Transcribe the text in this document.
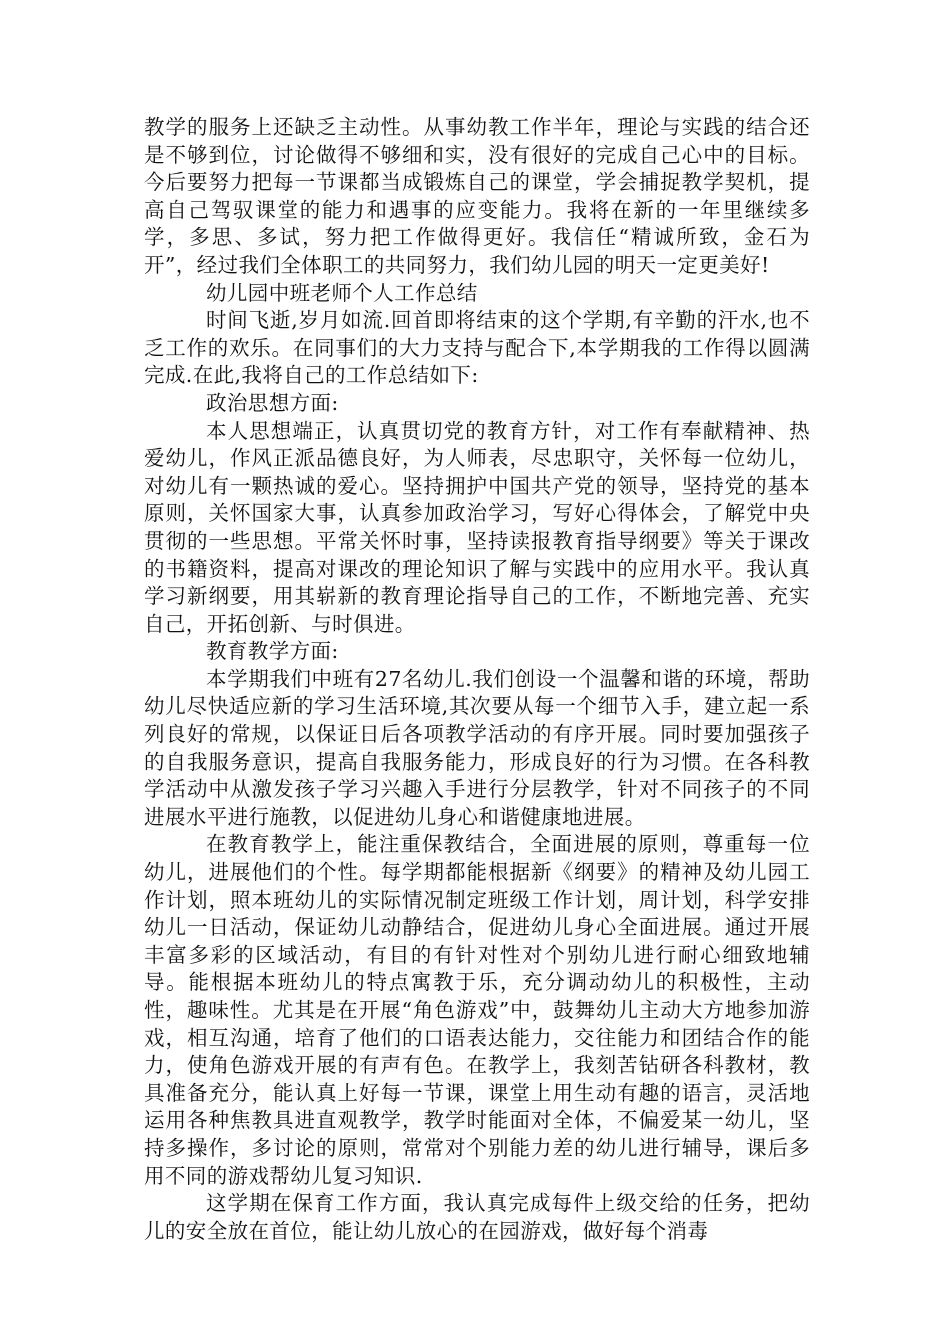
教学的服务上还缺乏主动性。从事幼教工作半年，理论与实践的结合还是不够到位，讨论做得不够细和实，没有很好的完成自己心中的目标。今后要努力把每一节课都当成锻炼自己的课堂，学会捕捉教学契机，提高自己驾驭课堂的能力和遇事的应变能力。我将在新的一年里继续多学，多思、多试，努力把工作做得更好。我信任“精诚所致，金石为开”，经过我们全体职工的共同努力，我们幼儿园的明天一定更美好!

幼儿园中班老师个人工作总结

时间飞逝,岁月如流.回首即将结束的这个学期,有辛勤的汗水,也不乏工作的欢乐。在同事们的大力支持与配合下,本学期我的工作得以圆满完成.在此,我将自己的工作总结如下:

政治思想方面:

本人思想端正，认真贯切党的教育方针，对工作有奉献精神、热爱幼儿，作风正派品德良好，为人师表，尽忠职守，关怀每一位幼儿，对幼儿有一颗热诚的爱心。坚持拥护中国共产党的领导，坚持党的基本原则，关怀国家大事，认真参加政治学习，写好心得体会，了解党中央贯彻的一些思想。平常关怀时事，坚持读报教育指导纲要》等关于课改的书籍资料，提高对课改的理论知识了解与实践中的应用水平。我认真学习新纲要，用其崭新的教育理论指导自己的工作，不断地完善、充实自己，开拓创新、与时俱进。

教育教学方面:

本学期我们中班有27名幼儿.我们创设一个温馨和谐的环境，帮助幼儿尽快适应新的学习生活环境,其次要从每一个细节入手，建立起一系列良好的常规，以保证日后各项教学活动的有序开展。同时要加强孩子的自我服务意识，提高自我服务能力，形成良好的行为习惯。在各科教学活动中从激发孩子学习兴趣入手进行分层教学，针对不同孩子的不同进展水平进行施教，以促进幼儿身心和谐健康地进展。

在教育教学上，能注重保教结合，全面进展的原则，尊重每一位幼儿，进展他们的个性。每学期都能根据新《纲要》的精神及幼儿园工作计划，照本班幼儿的实际情况制定班级工作计划，周计划，科学安排幼儿一日活动，保证幼儿动静结合，促进幼儿身心全面进展。通过开展丰富多彩的区域活动，有目的有针对性对个别幼儿进行耐心细致地辅导。能根据本班幼儿的特点寓教于乐，充分调动幼儿的积极性，主动性，趣味性。尤其是在开展“角色游戏”中，鼓舞幼儿主动大方地参加游戏，相互沟通，培育了他们的口语表达能力，交往能力和团结合作的能力，使角色游戏开展的有声有色。在教学上，我刻苦钻研各科教材，教具准备充分，能认真上好每一节课，课堂上用生动有趣的语言，灵活地运用各种焦教具进直观教学，教学时能面对全体，不偏爱某一幼儿，坚持多操作，多讨论的原则，常常对个别能力差的幼儿进行辅导，课后多用不同的游戏帮幼儿复习知识.

这学期在保育工作方面，我认真完成每件上级交给的任务，把幼儿的安全放在首位，能让幼儿放心的在园游戏，做好每个消毒
